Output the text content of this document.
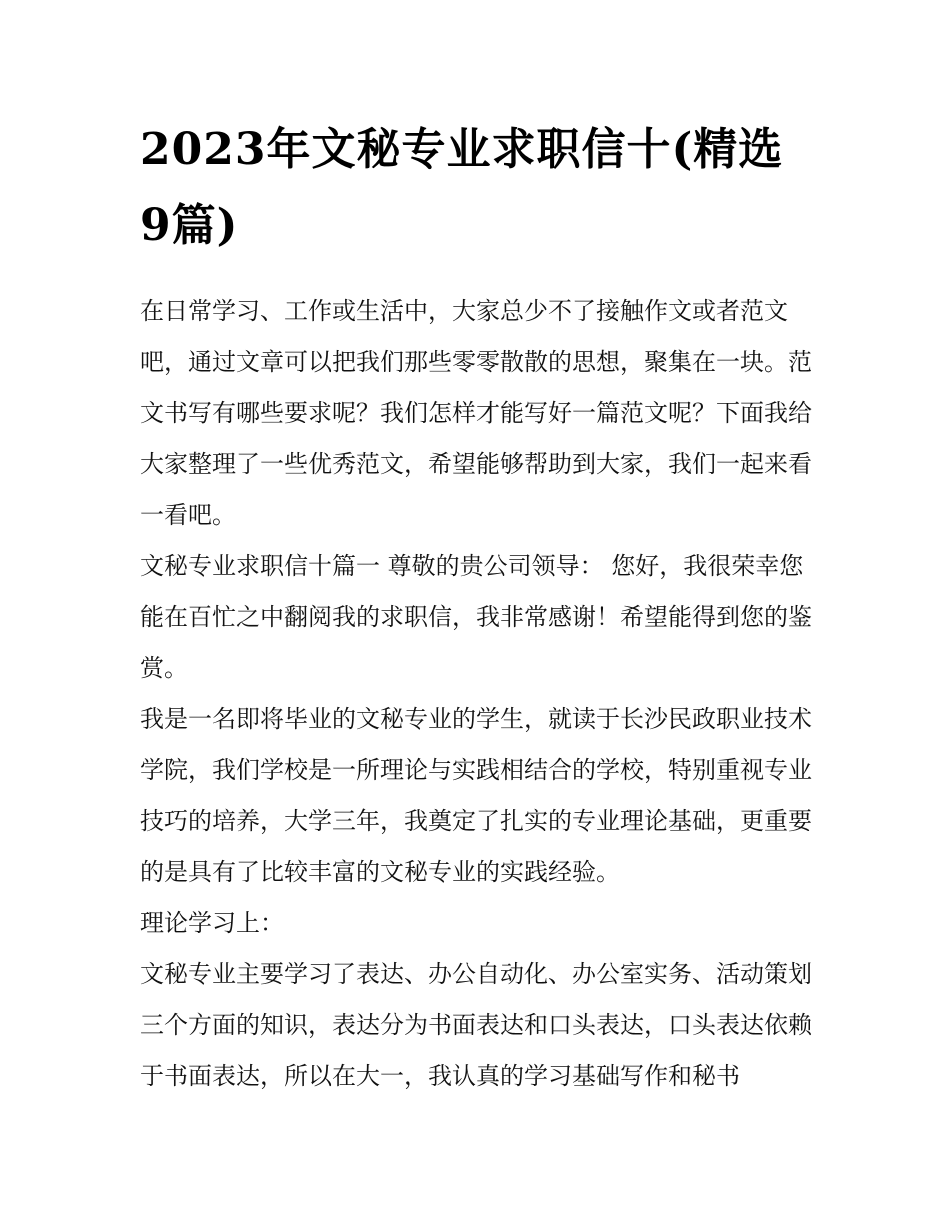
2023年文秘专业求职信十(精选9篇)

在日常学习、工作或生活中，大家总少不了接触作文或者范文吧，通过文章可以把我们那些零零散散的思想，聚集在一块。范文书写有哪些要求呢？我们怎样才能写好一篇范文呢？下面我给大家整理了一些优秀范文，希望能够帮助到大家，我们一起来看一看吧。

文秘专业求职信十篇一 尊敬的贵公司领导： 您好，我很荣幸您能在百忙之中翻阅我的求职信，我非常感谢！希望能得到您的鉴赏。

我是一名即将毕业的文秘专业的学生，就读于长沙民政职业技术学院，我们学校是一所理论与实践相结合的学校，特别重视专业技巧的培养，大学三年，我奠定了扎实的专业理论基础，更重要的是具有了比较丰富的文秘专业的实践经验。

理论学习上：

文秘专业主要学习了表达、办公自动化、办公室实务、活动策划三个方面的知识，表达分为书面表达和口头表达，口头表达依赖于书面表达，所以在大一，我认真的学习基础写作和秘书
